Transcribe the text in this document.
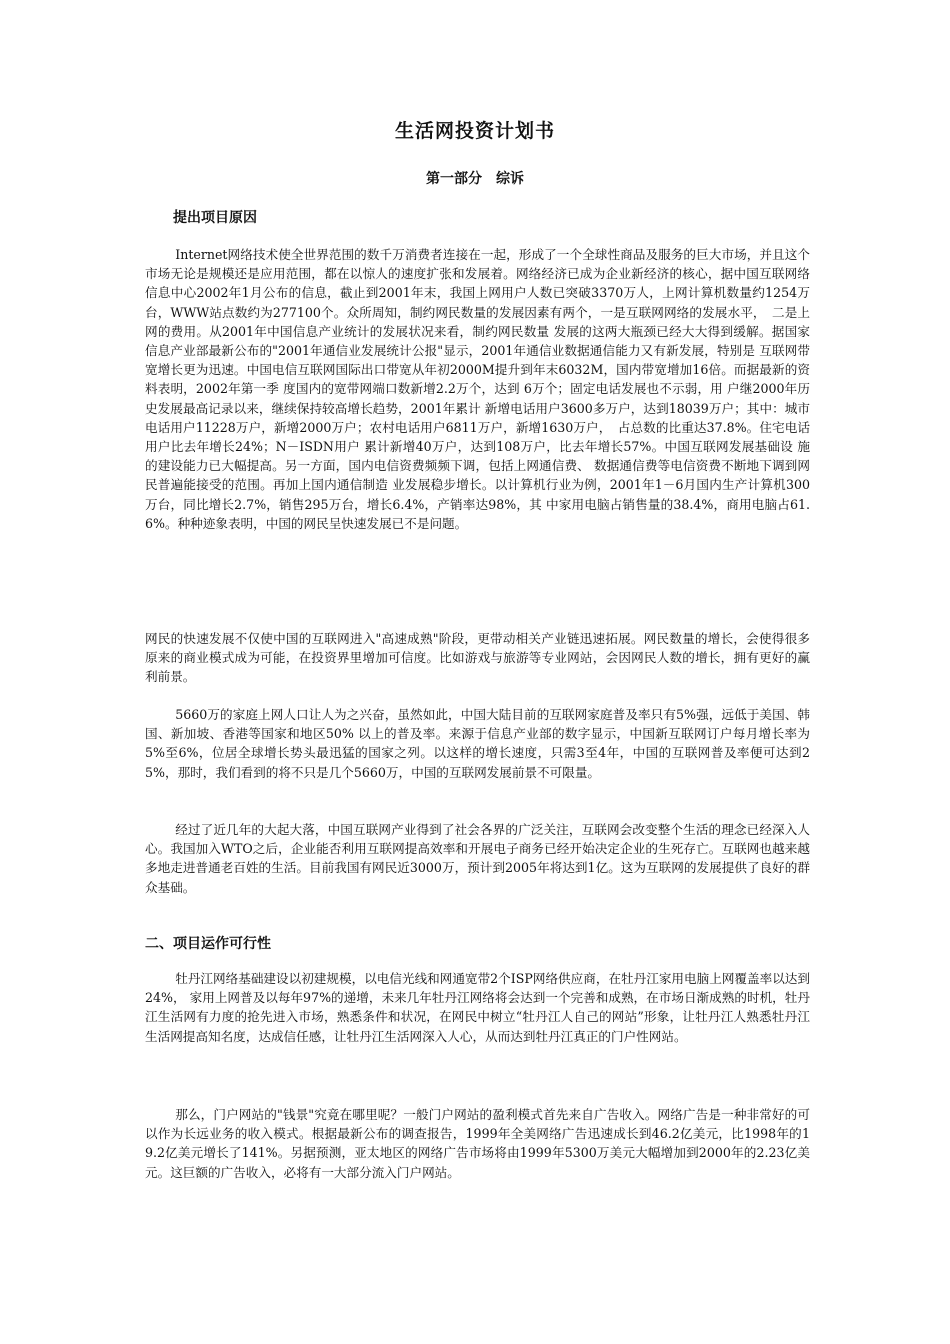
生活网投资计划书
第一部分　综诉
提出项目原因

Internet网络技术使全世界范围的数千万消费者连接在一起，形成了一个全球性商品及服务的巨大市场，并且这个市场无论是规模还是应用范围，都在以惊人的速度扩张和发展着。网络经济已成为企业新经济的核心，据中国互联网络信息中心2002年1月公布的信息，截止到2001年末，我国上网用户人数已突破3370万人，上网计算机数量约1254万台，WWW站点数约为277100个。众所周知，制约网民数量的发展因素有两个，一是互联网网络的发展水平，　二是上网的费用。从2001年中国信息产业统计的发展状况来看，制约网民数量 发展的这两大瓶颈已经大大得到缓解。据国家信息产业部最新公布的"2001年通信业发展统计公报"显示，2001年通信业数据通信能力又有新发展，特别是 互联网带宽增长更为迅速。中国电信互联网国际出口带宽从年初2000M提升到年末6032M，国内带宽增加16倍。而据最新的资料表明，2002年第一季 度国内的宽带网端口数新增2.2万个，达到 6万个；固定电话发展也不示弱，用 户继2000年历史发展最高记录以来，继续保持较高增长趋势，2001年累计 新增电话用户3600多万户，达到18039万户；其中：城市电话用户11228万户，新增2000万户；农村电话用户6811万户，新增1630万户，　占总数的比重达37.8%。住宅电话用户比去年增长24%；N－ISDN用户 累计新增40万户，达到108万户，比去年增长57%。中国互联网发展基础设 施的建设能力已大幅提高。另一方面，国内电信资费频频下调，包括上网通信费、 数据通信费等电信资费不断地下调到网民普遍能接受的范围。再加上国内通信制造 业发展稳步增长。以计算机行业为例，2001年1－6月国内生产计算机300万台，同比增长2.7%，销售295万台，增长6.4%，产销率达98%，其 中家用电脑占销售量的38.4%，商用电脑占61.6%。种种迹象表明，中国的网民呈快速发展已不是问题。

网民的快速发展不仅使中国的互联网进入"高速成熟"阶段，更带动相关产业链迅速拓展。网民数量的增长，会使得很多原来的商业模式成为可能，在投资界里增加可信度。比如游戏与旅游等专业网站，会因网民人数的增长，拥有更好的赢利前景。

5660万的家庭上网人口让人为之兴奋，虽然如此，中国大陆目前的互联网家庭普及率只有5%强，远低于美国、韩国、新加坡、香港等国家和地区50% 以上的普及率。来源于信息产业部的数字显示，中国新互联网订户每月增长率为5%至6%，位居全球增长势头最迅猛的国家之列。以这样的增长速度，只需3至4年，中国的互联网普及率便可达到25%，那时，我们看到的将不只是几个5660万，中国的互联网发展前景不可限量。

经过了近几年的大起大落，中国互联网产业得到了社会各界的广泛关注，互联网会改变整个生活的理念已经深入人心。我国加入WTO之后，企业能否利用互联网提高效率和开展电子商务已经开始决定企业的生死存亡。互联网也越来越多地走进普通老百姓的生活。目前我国有网民近3000万，预计到2005年将达到1亿。这为互联网的发展提供了良好的群众基础。

二、项目运作可行性

牡丹江网络基础建设以初建规模，以电信光线和网通宽带2个ISP网络供应商，在牡丹江家用电脑上网覆盖率以达到24%， 家用上网普及以每年97%的递增，未来几年牡丹江网络将会达到一个完善和成熟，在市场日渐成熟的时机，牡丹江生活网有力度的抢先进入市场，熟悉条件和状况，在网民中树立“牡丹江人自己的网站”形象，让牡丹江人熟悉牡丹江生活网提高知名度，达成信任感，让牡丹江生活网深入人心，从而达到牡丹江真正的门户性网站。

那么，门户网站的"钱景"究竟在哪里呢？一般门户网站的盈利模式首先来自广告收入。网络广告是一种非常好的可以作为长远业务的收入模式。根据最新公布的调查报告，1999年全美网络广告迅速成长到46.2亿美元，比1998年的19.2亿美元增长了141%。另据预测，亚太地区的网络广告市场将由1999年5300万美元大幅增加到2000年的2.23亿美元。这巨额的广告收入，必将有一大部分流入门户网站。
